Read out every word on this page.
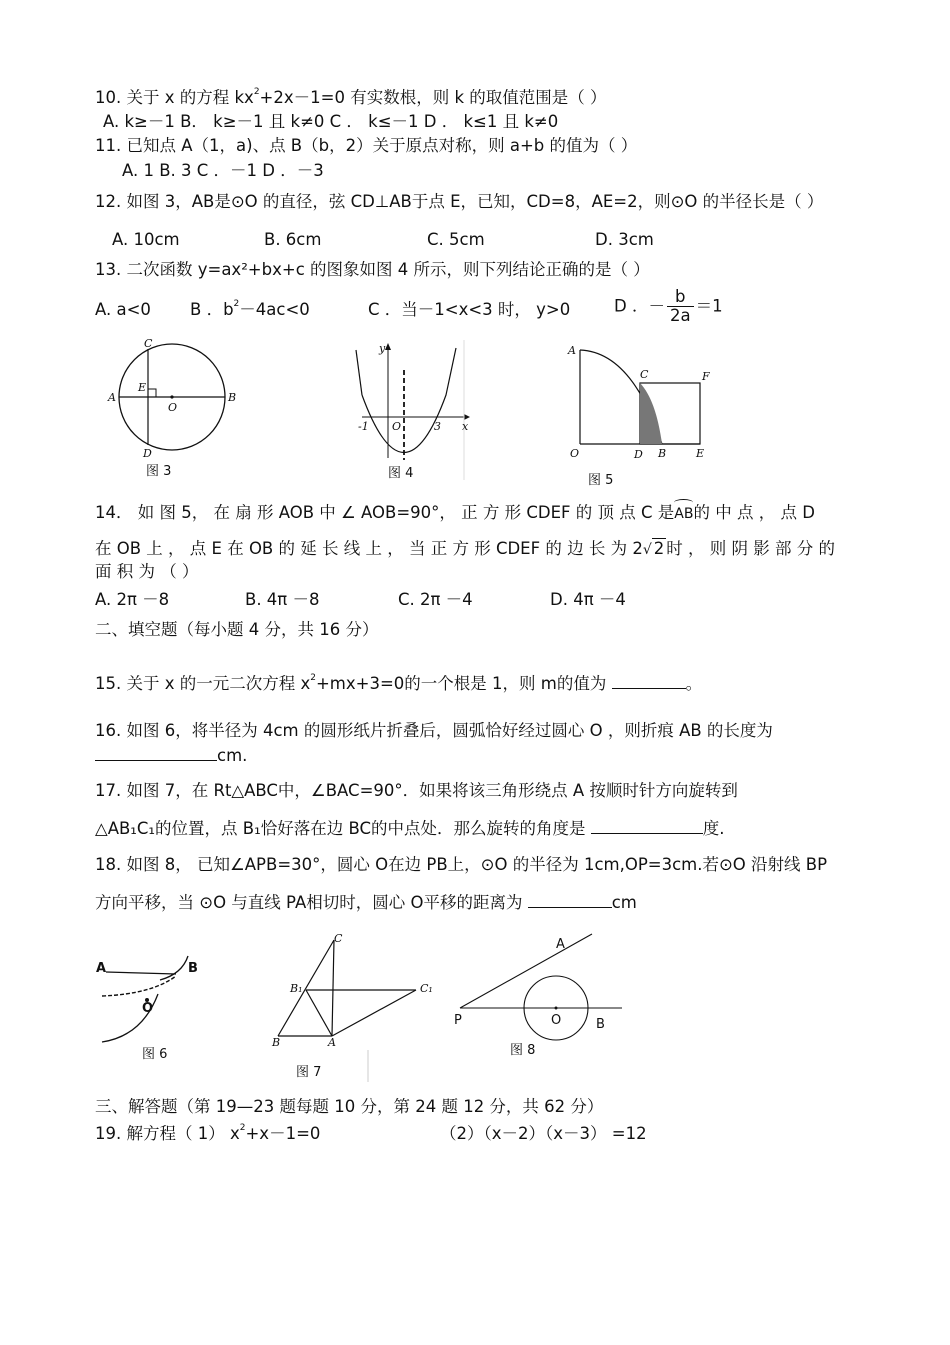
10. 关于 x 的方程 $kx^2+2x-1=0$ 有实数根，则 k 的取值范围是（ ）
A. k≥－1 B． k≥－1 且 k≠0 C ． k≤－1 D ． k≤1 且 k≠0
11. 已知点 A（1，a)、点 B（b，2）关于原点对称，则 a+b 的值为（ ）
A. 1 B. 3 C ．－1 D ．－3
12. 如图 3，AB是⊙O 的直径，弦 CD⊥AB于点 E，已知，CD=8，AE=2，则⊙O 的半径长是（ ）
A. 10cm	B. 6cm	C. 5cm	D. 3cm
13. 二次函数 y=ax²+bx+c 的图象如图 4 所示，则下列结论正确的是（ ）
A. a<0 B ．$b^2-4ac<0$	C ．当－1<x<3 时， y>0	D ．－ $\frac{b}{2a} =1$
C
A
E
O
B
D
图 3
y
-1 O	3 x
图 4
A
C	F
O	D B	E
图 5
14． 如 图 5， 在 扇 形 AOB 中 ∠ AOB=90°， 正 方 形 CDEF 的 顶 点 C 是AB的 中 点 ， 点 D
在 OB 上 ， 点 E 在 OB 的 延 长 线 上 ， 当 正 方 形 CDEF 的 边 长 为 2√ 2 时 ， 则 阴 影 部 分 的
面 积 为 （ ）
A. 2π －8	B. 4π －8	C. 2π －4	D. 4π －4
二、填空题（每小题 4 分，共 16 分）
15. 关于 x 的一元二次方程 $x^2+mx+3=0$的一个根是 1，则 m的值为	。
16. 如图 6，将半径为 4cm 的圆形纸片折叠后，圆弧恰好经过圆心 O ，则折痕 AB 的长度为
cm.
17. 如图 7，在 Rt△ABC中，∠BAC=90°．如果将该三角形绕点 A 按顺时针方向旋转到
△AB₁C₁的位置，点 B₁恰好落在边 BC的中点处．那么旋转的角度是	度.
18. 如图 8， 已知∠APB=30°，圆心 O在边 PB上，⊙O 的半径为 1cm,OP=3cm.若⊙O 沿射线 BP
方向平移，当 ⊙O 与直线 PA相切时，圆心 O平移的距离为	cm
A	B
O
图 6
C
B₁	C₁
B	A
图 7
A
P	O	B
图 8
三、解答题（第 19—23 题每题 10 分，第 24 题 12 分，共 62 分）
19. 解方程（ 1） $x^2+x-1=0$	（2）（x－2）（x－3） =12
